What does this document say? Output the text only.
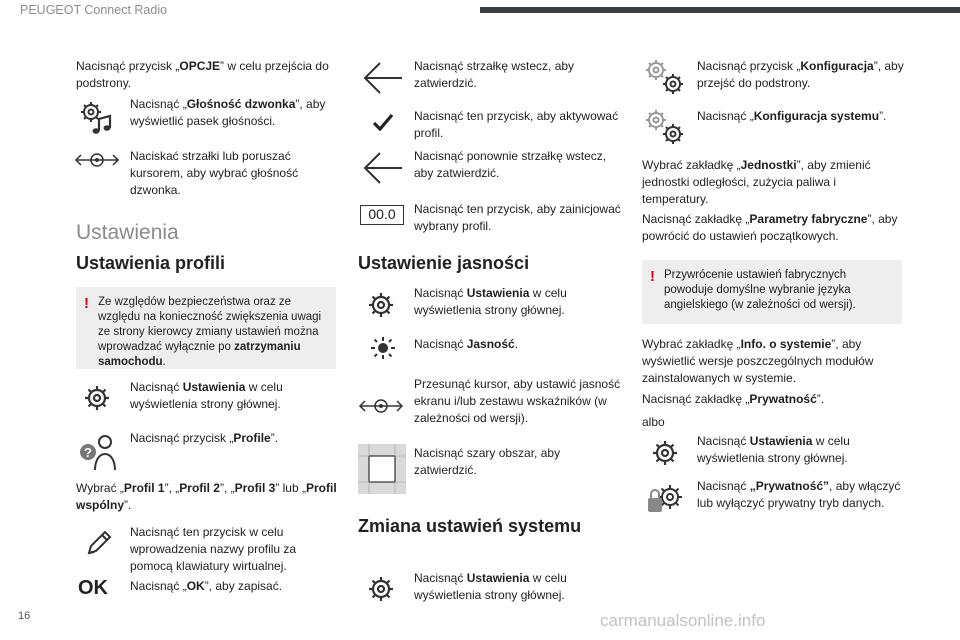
PEUGEOT Connect Radio
16	carmanualsonline.info
Nacisnąć przycisk „OPCJE” w celu przejścia do podstrony.
Nacisnąć „Głośność dzwonka”, aby wyświetlić pasek głośności.
Naciskać strzałki lub poruszać kursorem, aby wybrać głośność dzwonka.
Ustawienia
Ustawienia profili
! Ze względów bezpieczeństwa oraz ze względu na konieczność zwiększenia uwagi ze strony kierowcy zmiany ustawień można wprowadzać wyłącznie po zatrzymaniu samochodu.
Nacisnąć Ustawienia w celu wyświetlenia strony głównej.
?
Nacisnąć przycisk „Profile”.
Wybrać „Profil 1”, „Profil 2”, „Profil 3” lub „Profil wspólny”.
Nacisnąć ten przycisk w celu wprowadzenia nazwy profilu za pomocą klawiatury wirtualnej.
OK Nacisnąć „OK”, aby zapisać.
Nacisnąć strzałkę wstecz, aby zatwierdzić.
Nacisnąć ten przycisk, aby aktywować profil.
Nacisnąć ponownie strzałkę wstecz, aby zatwierdzić.
00.0	Nacisnąć ten przycisk, aby zainicjować wybrany profil.
Ustawienie jasności
Nacisnąć Ustawienia w celu wyświetlenia strony głównej.
Nacisnąć Jasność.
Przesunąć kursor, aby ustawić jasność ekranu i/lub zestawu wskaźników (w zależności od wersji).
Nacisnąć szary obszar, aby zatwierdzić.
Zmiana ustawień systemu
Nacisnąć Ustawienia w celu wyświetlenia strony głównej.
Nacisnąć przycisk „Konfiguracja”, aby przejść do podstrony.
Nacisnąć „Konfiguracja systemu”.
Wybrać zakładkę „Jednostki”, aby zmienić jednostki odległości, zużycia paliwa i temperatury.
Nacisnąć zakładkę „Parametry fabryczne”, aby powrócić do ustawień początkowych.
! Przywrócenie ustawień fabrycznych powoduje domyślne wybranie języka angielskiego (w zależności od wersji).
Wybrać zakładkę „Info. o systemie”, aby wyświetlić wersje poszczególnych modułów zainstalowanych w systemie.
Nacisnąć zakładkę „Prywatność”.
albo
Nacisnąć Ustawienia w celu wyświetlenia strony głównej.
Nacisnąć „Prywatność”, aby włączyć lub wyłączyć prywatny tryb danych.
